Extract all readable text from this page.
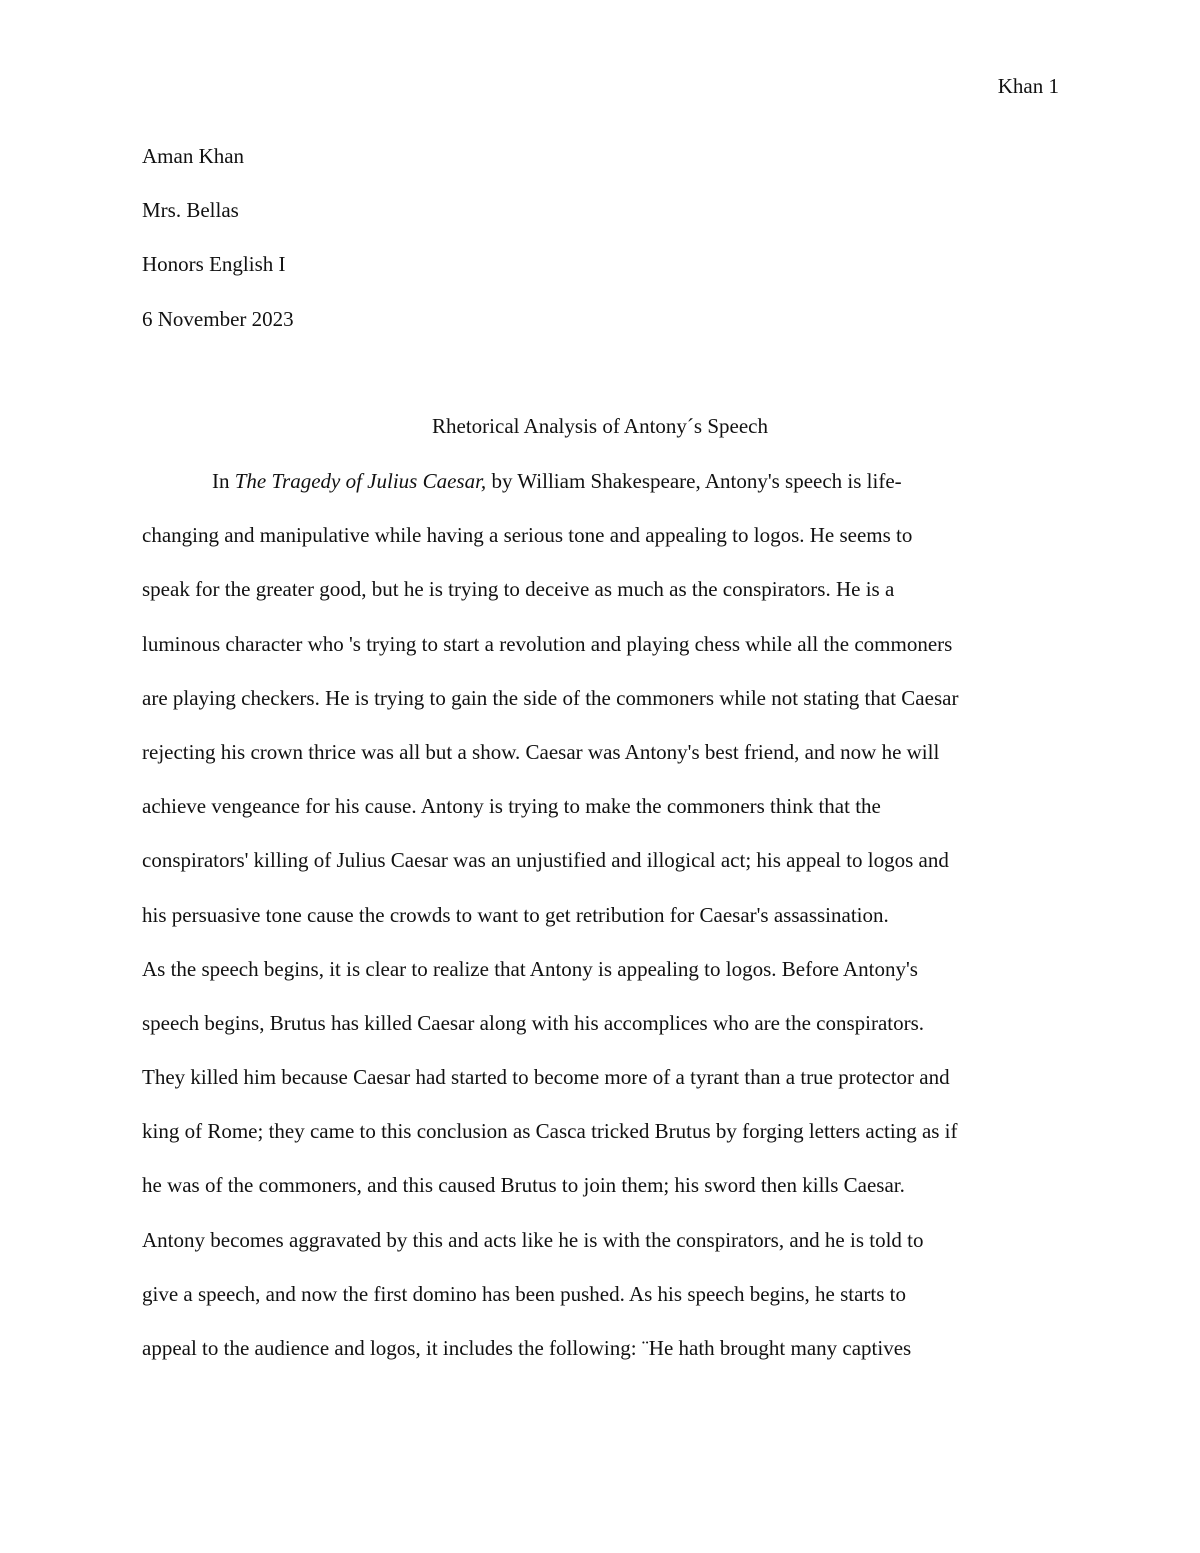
Khan 1
Aman Khan
Mrs. Bellas
Honors English I
6 November 2023
Rhetorical Analysis of Antony´s Speech
In The Tragedy of Julius Caesar, by William Shakespeare, Antony's speech is life-
changing and manipulative while having a serious tone and appealing to logos. He seems to
speak for the greater good, but he is trying to deceive as much as the conspirators. He is a
luminous character who 's trying to start a revolution and playing chess while all the commoners
are playing checkers. He is trying to gain the side of the commoners while not stating that Caesar
rejecting his crown thrice was all but a show. Caesar was Antony's best friend, and now he will
achieve vengeance for his cause. Antony is trying to make the commoners think that the
conspirators' killing of Julius Caesar was an unjustified and illogical act; his appeal to logos and
his persuasive tone cause the crowds to want to get retribution for Caesar's assassination.
As the speech begins, it is clear to realize that Antony is appealing to logos. Before Antony's
speech begins, Brutus has killed Caesar along with his accomplices who are the conspirators.
They killed him because Caesar had started to become more of a tyrant than a true protector and
king of Rome; they came to this conclusion as Casca tricked Brutus by forging letters acting as if
he was of the commoners, and this caused Brutus to join them; his sword then kills Caesar.
Antony becomes aggravated by this and acts like he is with the conspirators, and he is told to
give a speech, and now the first domino has been pushed. As his speech begins, he starts to
appeal to the audience and logos, it includes the following: ¨He hath brought many captives
